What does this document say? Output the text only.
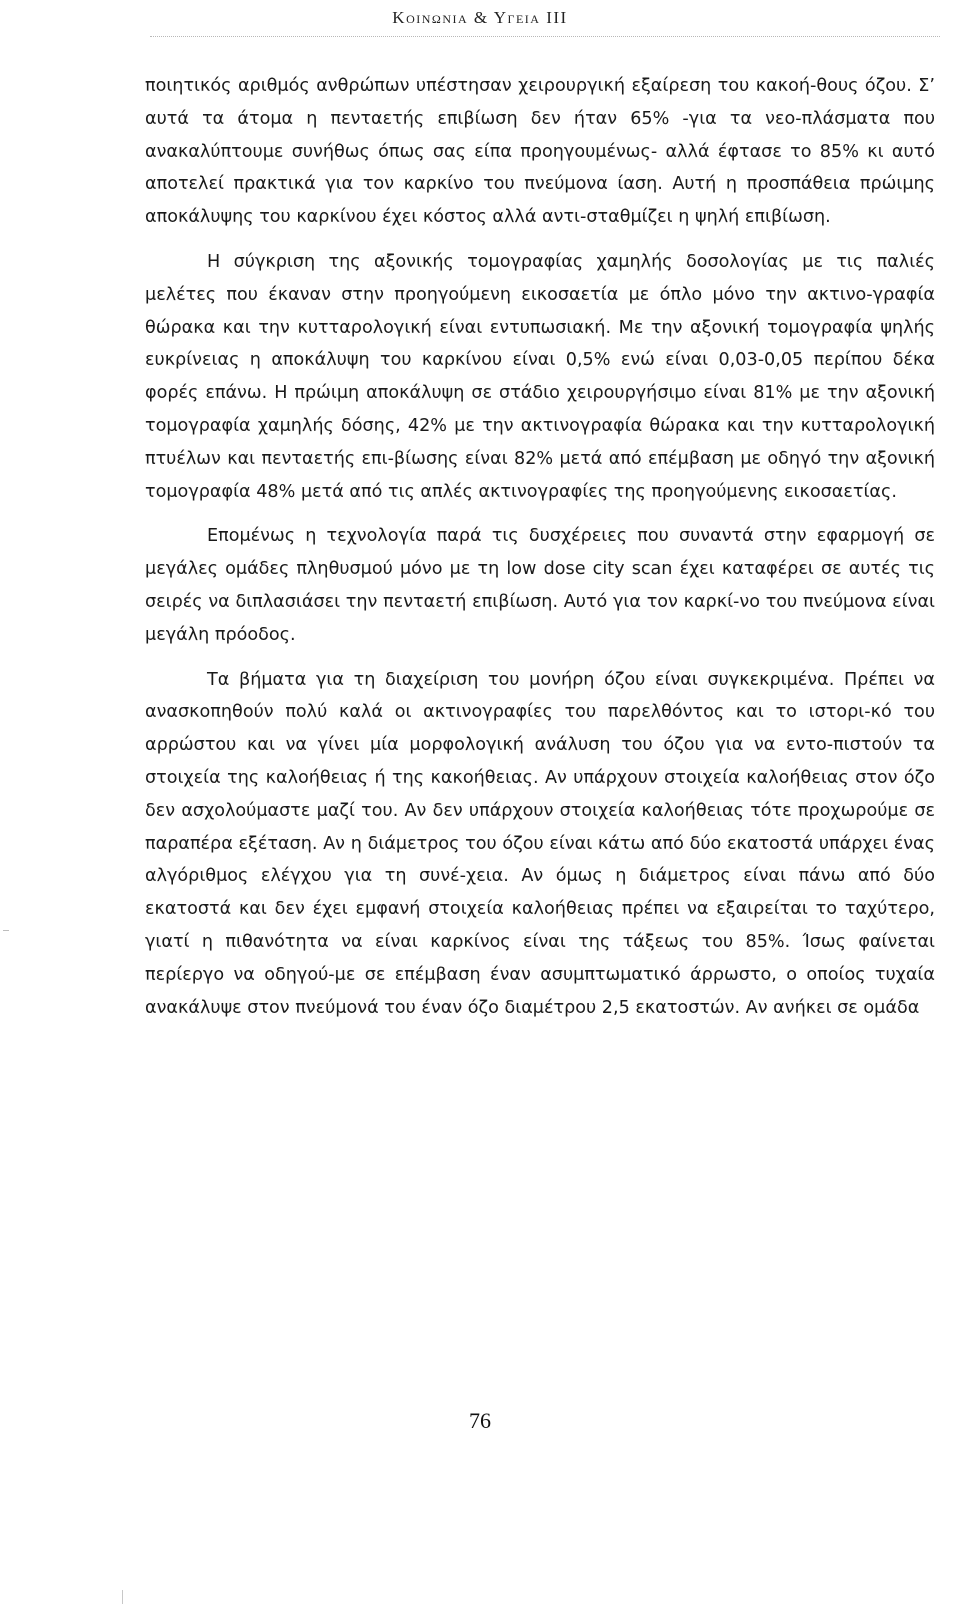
Κοινωνια & Υγεια ΙΙΙ

ποιητικός αριθμός ανθρώπων υπέστησαν χειρουργική εξαίρεση του κακοή-θους όζου. Σ’ αυτά τα άτομα η πενταετής επιβίωση δεν ήταν 65% -για τα νεο-πλάσματα που ανακαλύπτουμε συνήθως όπως σας είπα προηγουμένως- αλλά έφτασε το 85% κι αυτό αποτελεί πρακτικά για τον καρκίνο του πνεύμονα ίαση. Αυτή η προσπάθεια πρώιμης αποκάλυψης του καρκίνου έχει κόστος αλλά αντι-σταθμίζει η ψηλή επιβίωση.

Η σύγκριση της αξονικής τομογραφίας χαμηλής δοσολογίας με τις παλιές μελέτες που έκαναν στην προηγούμενη εικοσαετία με όπλο μόνο την ακτινο-γραφία θώρακα και την κυτταρολογική είναι εντυπωσιακή. Με την αξονική τομογραφία ψηλής ευκρίνειας η αποκάλυψη του καρκίνου είναι 0,5% ενώ είναι 0,03-0,05 περίπου δέκα φορές επάνω. Η πρώιμη αποκάλυψη σε στάδιο χειρουργήσιμο είναι 81% με την αξονική τομογραφία χαμηλής δόσης, 42% με την ακτινογραφία θώρακα και την κυτταρολογική πτυέλων και πενταετής επι-βίωσης είναι 82% μετά από επέμβαση με οδηγό την αξονική τομογραφία 48% μετά από τις απλές ακτινογραφίες της προηγούμενης εικοσαετίας.

Επομένως η τεχνολογία παρά τις δυσχέρειες που συναντά στην εφαρμογή σε μεγάλες ομάδες πληθυσμού μόνο με τη low dose city scan έχει καταφέρει σε αυτές τις σειρές να διπλασιάσει την πενταετή επιβίωση. Αυτό για τον καρκί-νο του πνεύμονα είναι μεγάλη πρόοδος.

Τα βήματα για τη διαχείριση του μονήρη όζου είναι συγκεκριμένα. Πρέπει να ανασκοπηθούν πολύ καλά οι ακτινογραφίες του παρελθόντος και το ιστορι-κό του αρρώστου και να γίνει μία μορφολογική ανάλυση του όζου για να εντο-πιστούν τα στοιχεία της καλοήθειας ή της κακοήθειας. Αν υπάρχουν στοιχεία καλοήθειας στον όζο δεν ασχολούμαστε μαζί του. Αν δεν υπάρχουν στοιχεία καλοήθειας τότε προχωρούμε σε παραπέρα εξέταση. Αν η διάμετρος του όζου είναι κάτω από δύο εκατοστά υπάρχει ένας αλγόριθμος ελέγχου για τη συνέ-χεια. Αν όμως η διάμετρος είναι πάνω από δύο εκατοστά και δεν έχει εμφανή στοιχεία καλοήθειας πρέπει να εξαιρείται το ταχύτερο, γιατί η πιθανότητα να είναι καρκίνος είναι της τάξεως του 85%. Ίσως φαίνεται περίεργο να οδηγού-με σε επέμβαση έναν ασυμπτωματικό άρρωστο, ο οποίος τυχαία ανακάλυψε στον πνεύμονά του έναν όζο διαμέτρου 2,5 εκατοστών. Αν ανήκει σε ομάδα

76
